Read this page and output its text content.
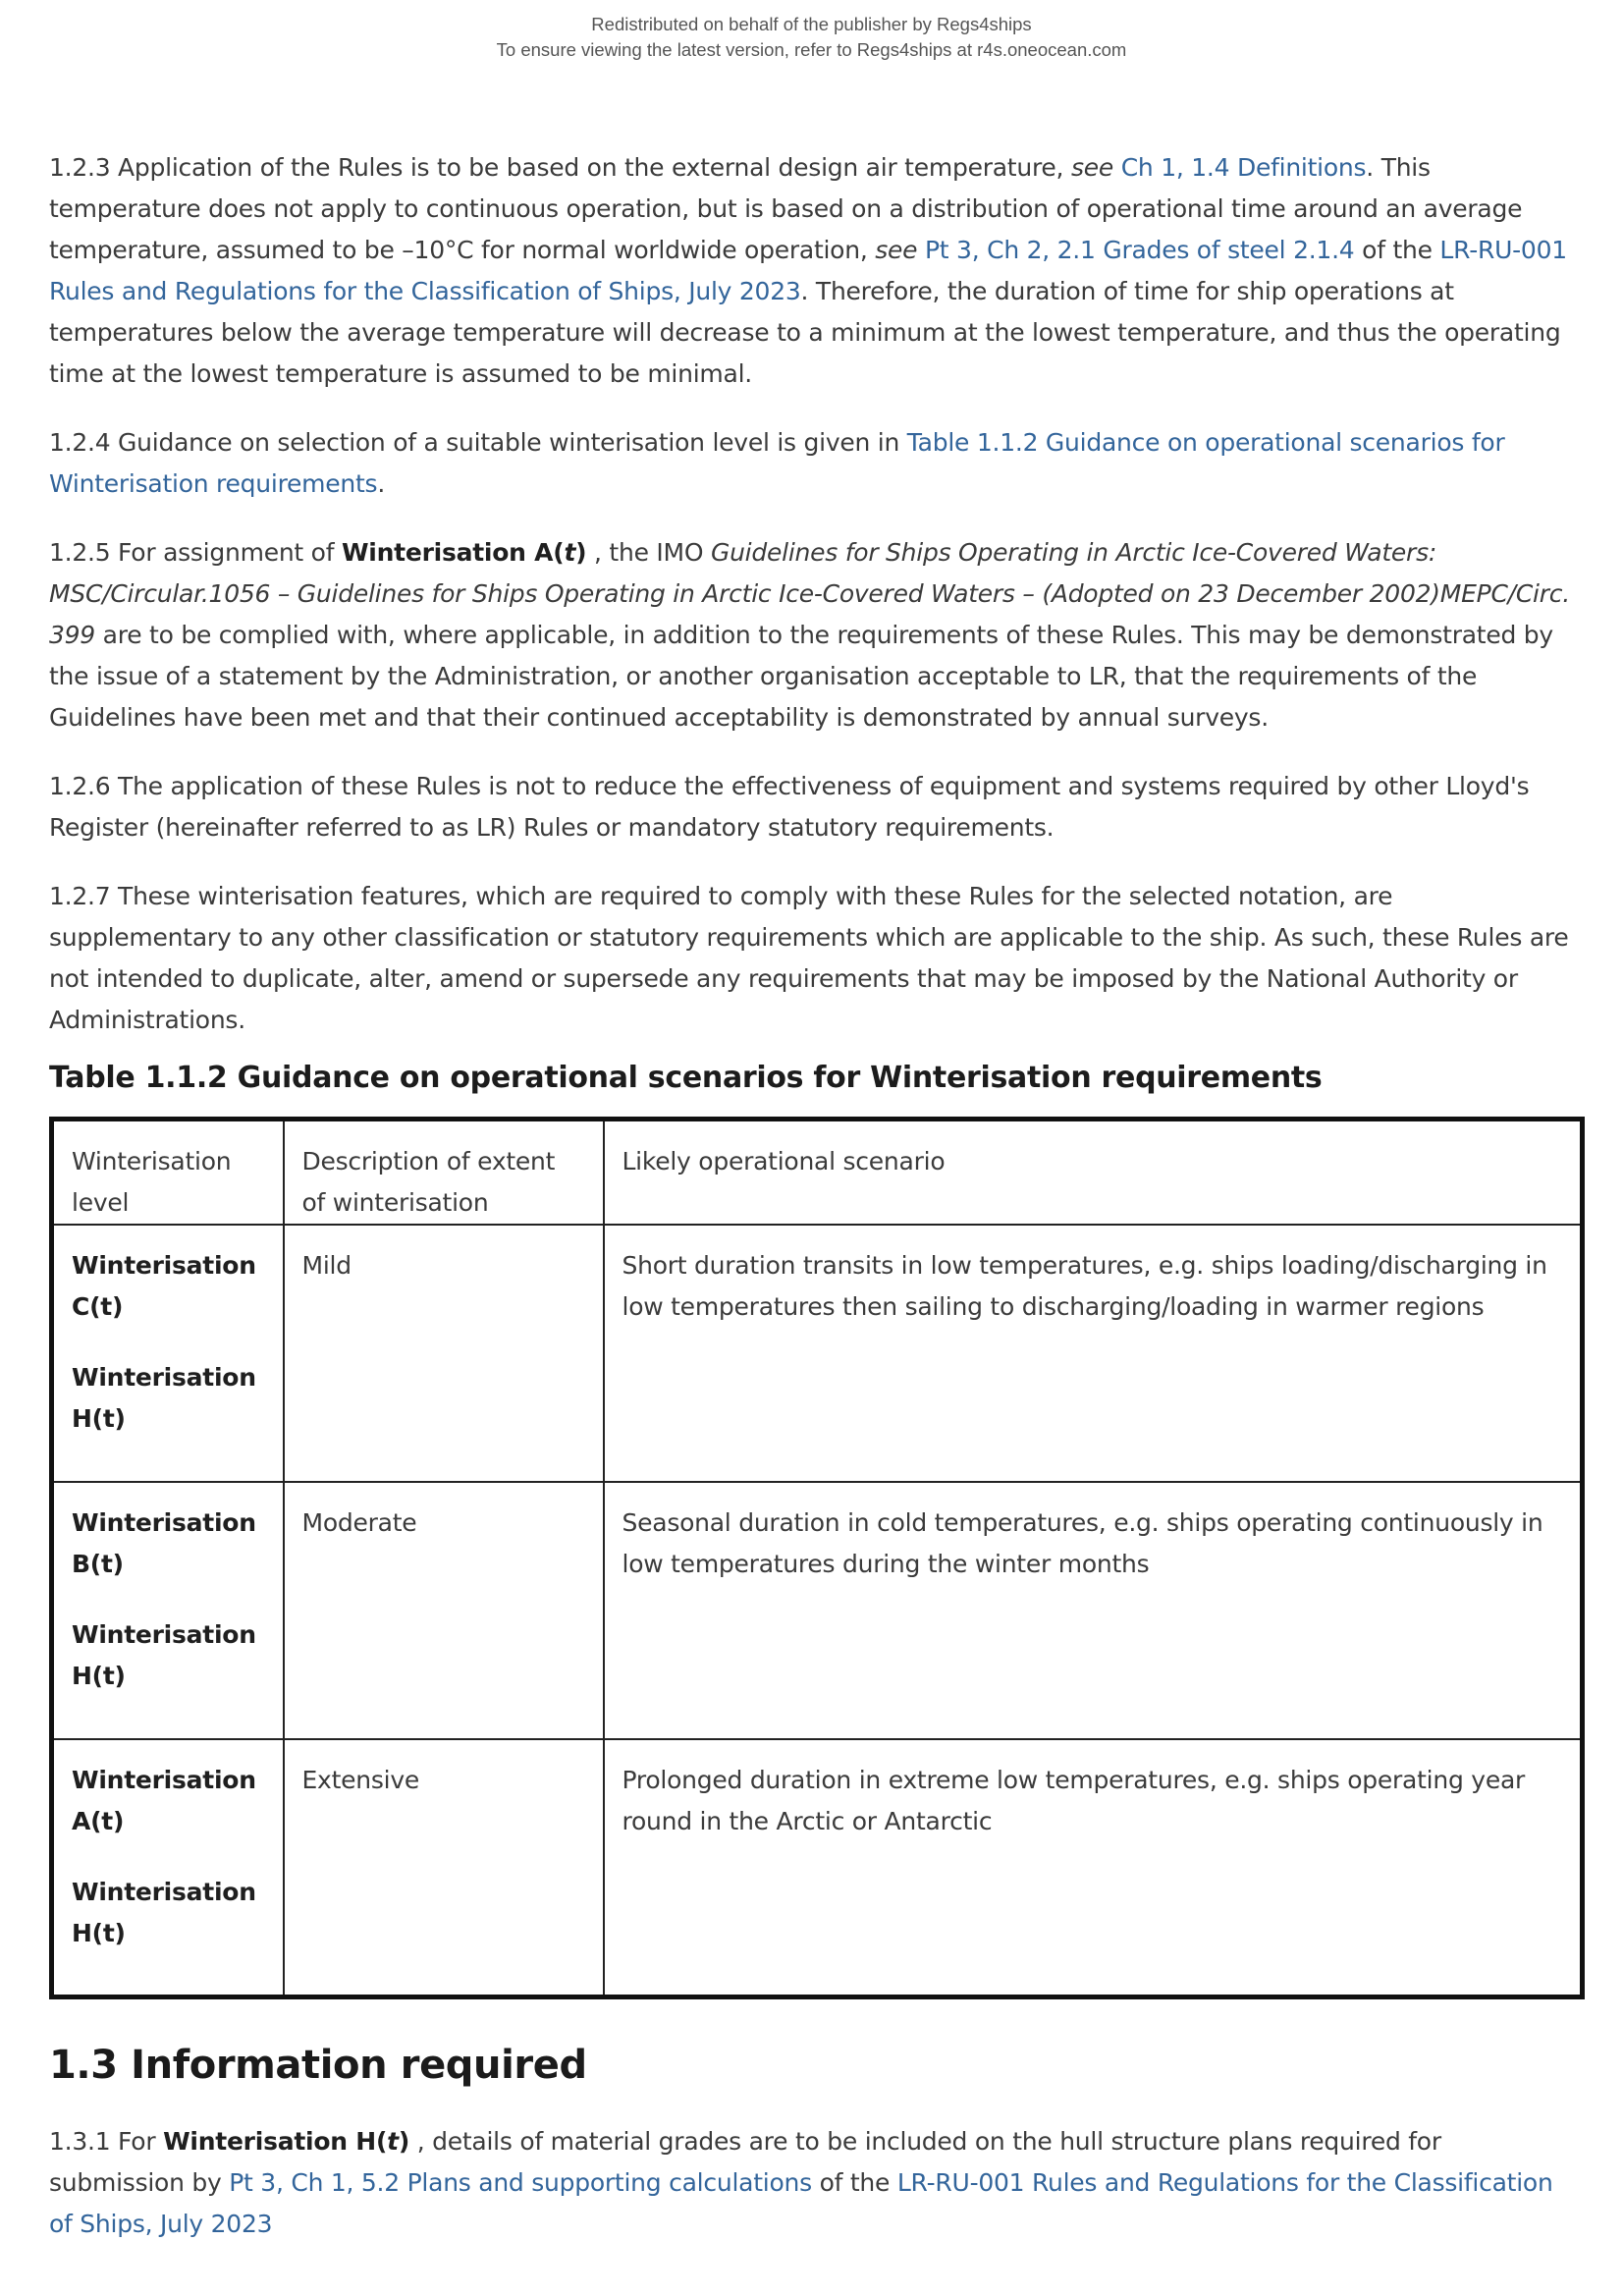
Redistributed on behalf of the publisher by Regs4ships
To ensure viewing the latest version, refer to Regs4ships at r4s.oneocean.com

1.2.3 Application of the Rules is to be based on the external design air temperature, see Ch 1, 1.4 Definitions. This temperature does not apply to continuous operation, but is based on a distribution of operational time around an average temperature, assumed to be –10°C for normal worldwide operation, see Pt 3, Ch 2, 2.1 Grades of steel 2.1.4 of the LR-RU-001 Rules and Regulations for the Classification of Ships, July 2023. Therefore, the duration of time for ship operations at temperatures below the average temperature will decrease to a minimum at the lowest temperature, and thus the operating time at the lowest temperature is assumed to be minimal.

1.2.4 Guidance on selection of a suitable winterisation level is given in Table 1.1.2 Guidance on operational scenarios for Winterisation requirements.

1.2.5 For assignment of Winterisation A(t) , the IMO Guidelines for Ships Operating in Arctic Ice-Covered Waters: MSC/Circular.1056 – Guidelines for Ships Operating in Arctic Ice-Covered Waters – (Adopted on 23 December 2002)MEPC/Circ. 399 are to be complied with, where applicable, in addition to the requirements of these Rules. This may be demonstrated by the issue of a statement by the Administration, or another organisation acceptable to LR, that the requirements of the Guidelines have been met and that their continued acceptability is demonstrated by annual surveys.

1.2.6 The application of these Rules is not to reduce the effectiveness of equipment and systems required by other Lloyd's Register (hereinafter referred to as LR) Rules or mandatory statutory requirements.

1.2.7 These winterisation features, which are required to comply with these Rules for the selected notation, are supplementary to any other classification or statutory requirements which are applicable to the ship. As such, these Rules are not intended to duplicate, alter, amend or supersede any requirements that may be imposed by the National Authority or Administrations.

Table 1.1.2 Guidance on operational scenarios for Winterisation requirements
Winterisation level	Description of extent of winterisation	Likely operational scenario

Winterisation C(t)
Winterisation H(t)	Mild	Short duration transits in low temperatures, e.g. ships loading/discharging in low temperatures then sailing to discharging/loading in warmer regions

Winterisation B(t)
Winterisation H(t)	Moderate	Seasonal duration in cold temperatures, e.g. ships operating continuously in low temperatures during the winter months

Winterisation A(t)
Winterisation H(t)	Extensive	Prolonged duration in extreme low temperatures, e.g. ships operating year round in the Arctic or Antarctic
1.3 Information required

1.3.1 For Winterisation H(t) , details of material grades are to be included on the hull structure plans required for submission by Pt 3, Ch 1, 5.2 Plans and supporting calculations of the LR-RU-001 Rules and Regulations for the Classification of Ships, July 2023
